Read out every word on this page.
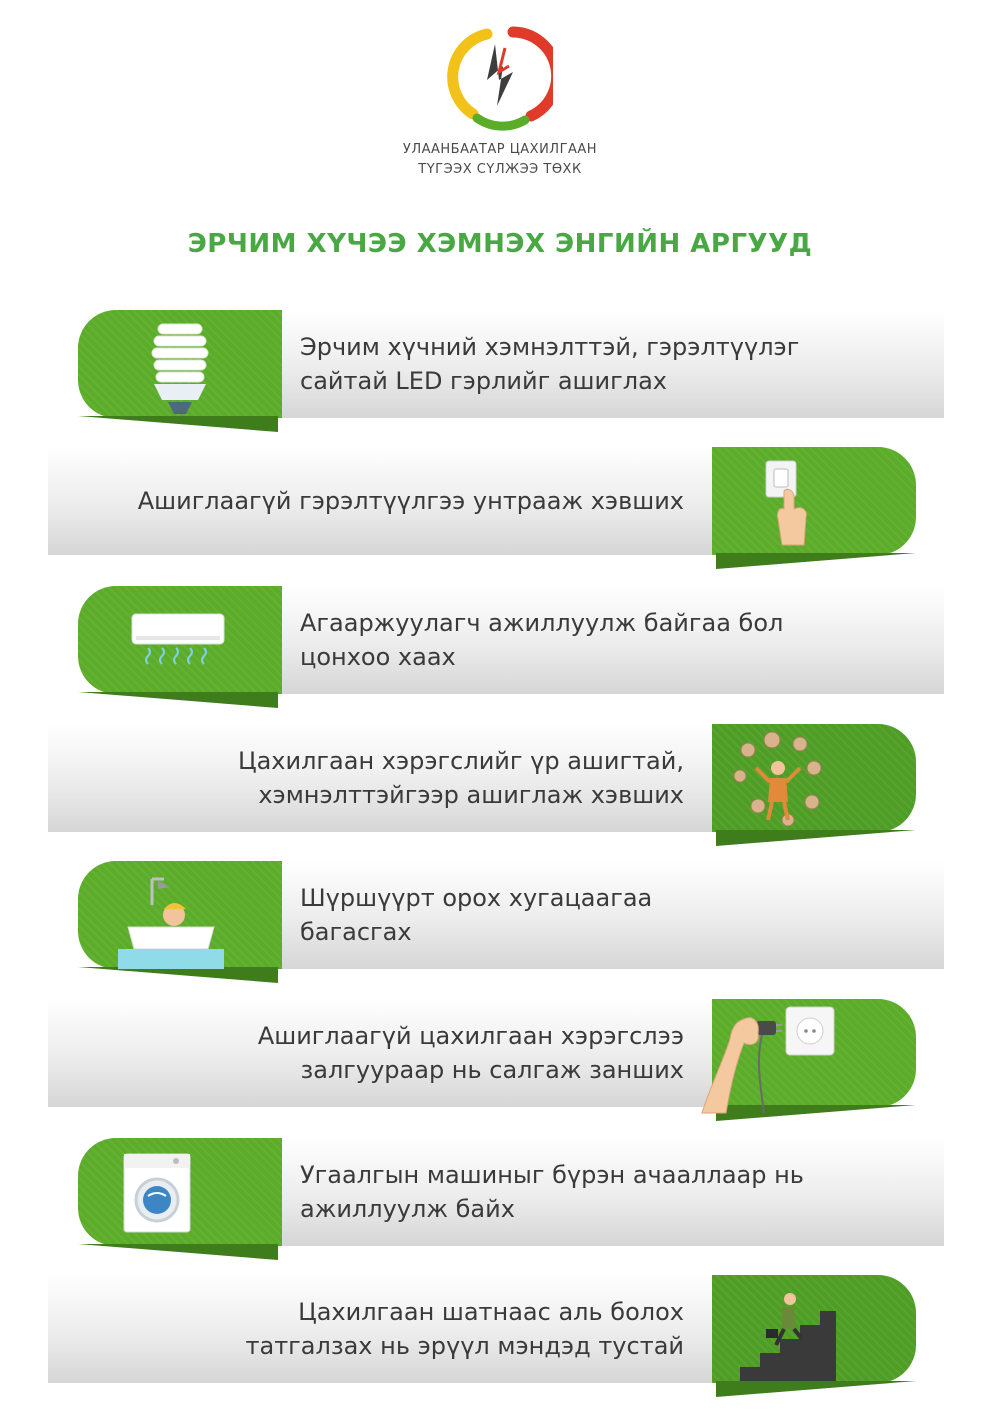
УЛААНБААТАР ЦАХИЛГААН
ТҮГЭЭХ СҮЛЖЭЭ ТӨХК
ЭРЧИМ ХҮЧЭЭ ХЭМНЭХ ЭНГИЙН АРГУУД
Эрчим хүчний хэмнэлттэй, гэрэлтүүлэг
сайтай LED гэрлийг ашиглах
Ашиглаагүй гэрэлтүүлгээ унтрааж хэвших
Агааржуулагч ажиллуулж байгаа бол
цонхоо хаах
Цахилгаан хэрэгслийг үр ашигтай,
хэмнэлттэйгээр ашиглаж хэвших
Шүршүүрт орох хугацаагаа
багасгах
Ашиглаагүй цахилгаан хэрэгслээ
залгуураар нь салгаж занших
Угаалгын машиныг бүрэн ачааллаар нь
ажиллуулж байх
Цахилгаан шатнаас аль болох
татгалзах нь эрүүл мэндэд тустай
